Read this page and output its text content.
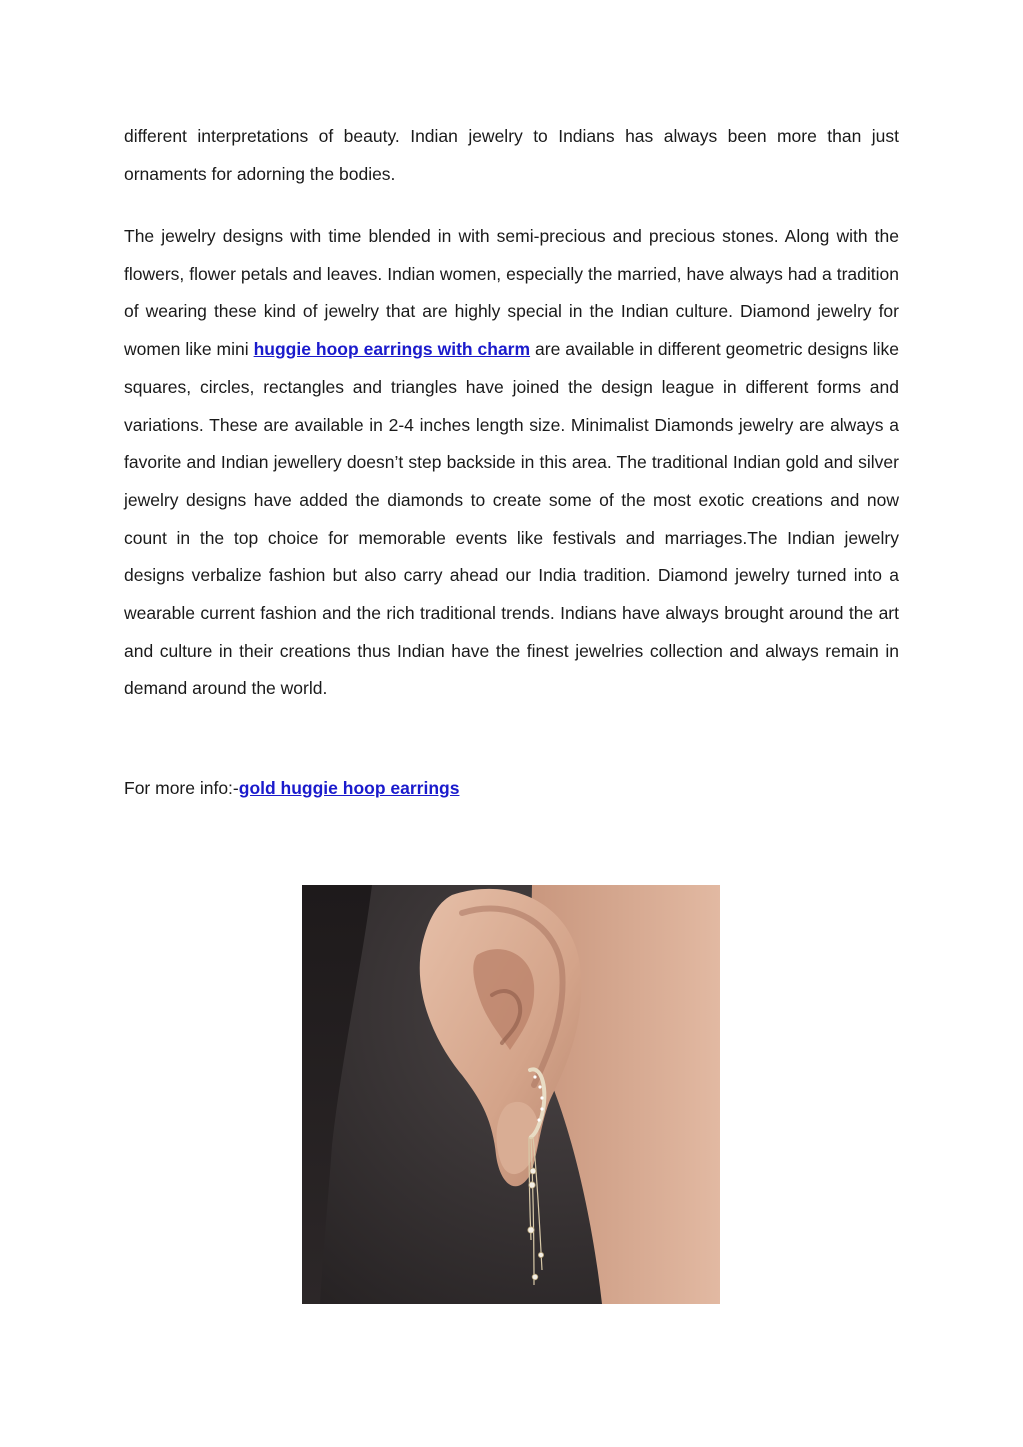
different interpretations of beauty. Indian jewelry to Indians has always been more than just ornaments for adorning the bodies.

The jewelry designs with time blended in with semi-precious and precious stones. Along with the flowers, flower petals and leaves. Indian women, especially the married, have always had a tradition of wearing these kind of jewelry that are highly special in the Indian culture. Diamond jewelry for women like mini huggie hoop earrings with charm are available in different geometric designs like squares, circles, rectangles and triangles have joined the design league in different forms and variations. These are available in 2-4 inches length size. Minimalist Diamonds jewelry are always a favorite and Indian jewellery doesn’t step backside in this area. The traditional Indian gold and silver jewelry designs have added the diamonds to create some of the most exotic creations and now count in the top choice for memorable events like festivals and marriages.The Indian jewelry designs verbalize fashion but also carry ahead our India tradition. Diamond jewelry turned into a wearable current fashion and the rich traditional trends. Indians have always brought around the art and culture in their creations thus Indian have the finest jewelries collection and always remain in demand around the world.

For more info:-gold huggie hoop earrings
